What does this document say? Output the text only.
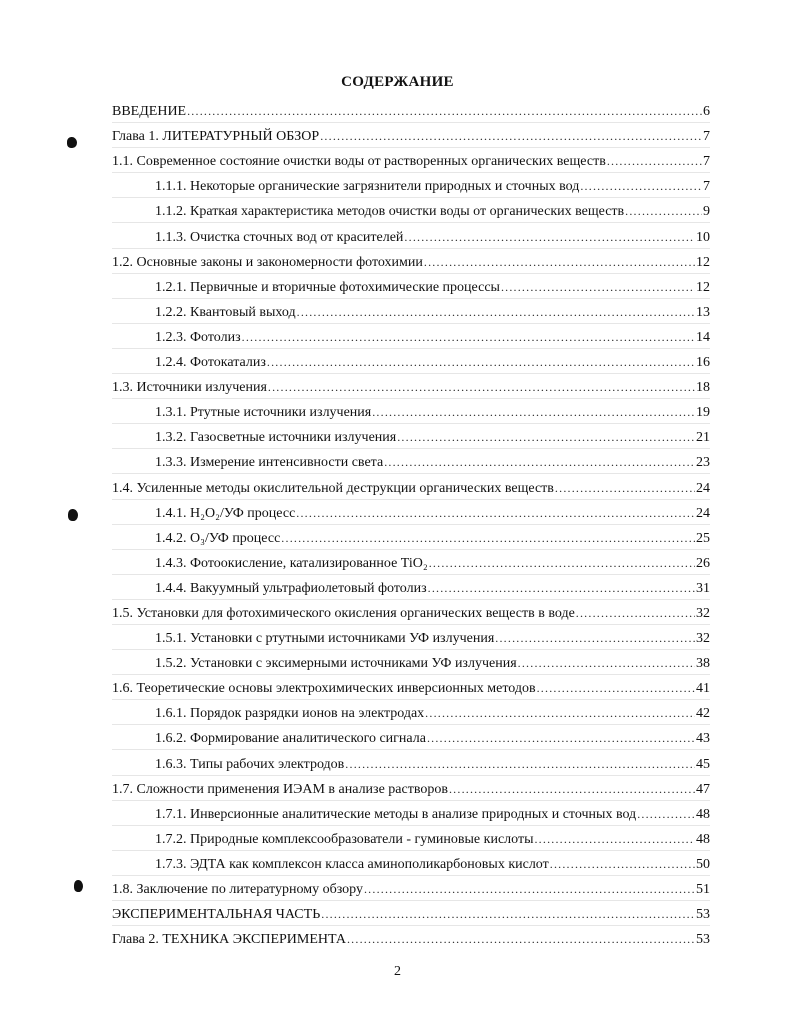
СОДЕРЖАНИЕ
ВВЕДЕНИЕ .....	6
Глава 1. ЛИТЕРАТУРНЫЙ ОБЗОР .....	7
1.1. Современное состояние очистки воды от растворенных органических веществ .....	7
1.1.1. Некоторые органические загрязнители природных и сточных вод .....	7
1.1.2. Краткая характеристика методов очистки воды от органических веществ .....	9
1.1.3. Очистка сточных вод от красителей .....	10
1.2. Основные законы и закономерности фотохимии .....	12
1.2.1. Первичные и вторичные фотохимические процессы .....	12
1.2.2. Квантовый выход .....	13
1.2.3. Фотолиз .....	14
1.2.4. Фотокатализ .....	16
1.3. Источники излучения .....	18
1.3.1. Ртутные источники излучения .....	19
1.3.2. Газосветные источники излучения .....	21
1.3.3. Измерение интенсивности света .....	23
1.4. Усиленные методы окислительной деструкции органических веществ .....	24
1.4.1. H₂O₂/УФ процесс .....	24
1.4.2. O₃/УФ процесс .....	25
1.4.3. Фотоокисление, катализированное TiO₂ .....	26
1.4.4. Вакуумный ультрафиолетовый фотолиз .....	31
1.5. Установки для фотохимического окисления органических веществ в воде .....	32
1.5.1. Установки с ртутными источниками УФ излучения .....	32
1.5.2. Установки с эксимерными источниками УФ излучения .....	38
1.6. Теоретические основы электрохимических инверсионных методов .....	41
1.6.1. Порядок разрядки ионов на электродах .....	42
1.6.2. Формирование аналитического сигнала .....	43
1.6.3. Типы рабочих электродов .....	45
1.7. Сложности применения ИЭАМ в анализе растворов .....	47
1.7.1. Инверсионные аналитические методы в анализе природных и сточных вод .....	48
1.7.2. Природные комплексообразователи - гуминовые кислоты .....	48
1.7.3. ЭДТА как комплексон класса аминополикарбоновых кислот .....	50
1.8. Заключение по литературному обзору .....	51
ЭКСПЕРИМЕНТАЛЬНАЯ ЧАСТЬ .....	53
Глава 2. ТЕХНИКА ЭКСПЕРИМЕНТА .....	53
2
